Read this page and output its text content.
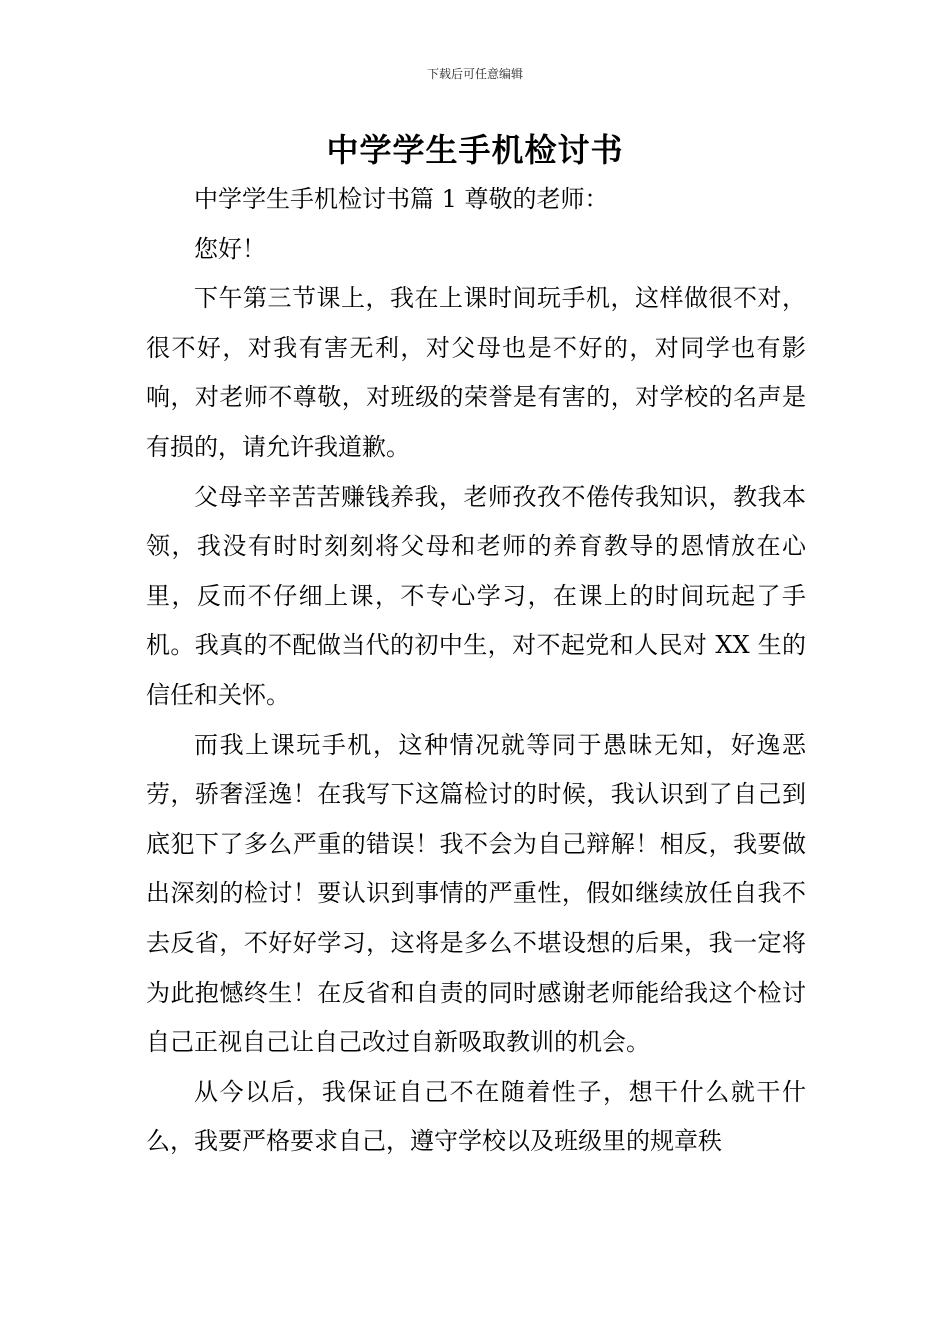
下载后可任意编辑
中学学生手机检讨书

中学学生手机检讨书篇 1 尊敬的老师：

您好！

下午第三节课上，我在上课时间玩手机，这样做很不对，很不好，对我有害无利，对父母也是不好的，对同学也有影响，对老师不尊敬，对班级的荣誉是有害的，对学校的名声是有损的，请允许我道歉。

父母辛辛苦苦赚钱养我，老师孜孜不倦传我知识，教我本领，我没有时时刻刻将父母和老师的养育教导的恩情放在心里，反而不仔细上课，不专心学习，在课上的时间玩起了手机。我真的不配做当代的初中生，对不起党和人民对 XX 生的信任和关怀。

而我上课玩手机，这种情况就等同于愚昧无知，好逸恶劳，骄奢淫逸！在我写下这篇检讨的时候，我认识到了自己到底犯下了多么严重的错误！我不会为自己辩解！相反，我要做出深刻的检讨！要认识到事情的严重性，假如继续放任自我不去反省，不好好学习，这将是多么不堪设想的后果，我一定将为此抱憾终生！在反省和自责的同时感谢老师能给我这个检讨自己正视自己让自己改过自新吸取教训的机会。

从今以后，我保证自己不在随着性子，想干什么就干什么，我要严格要求自己，遵守学校以及班级里的规章秩
